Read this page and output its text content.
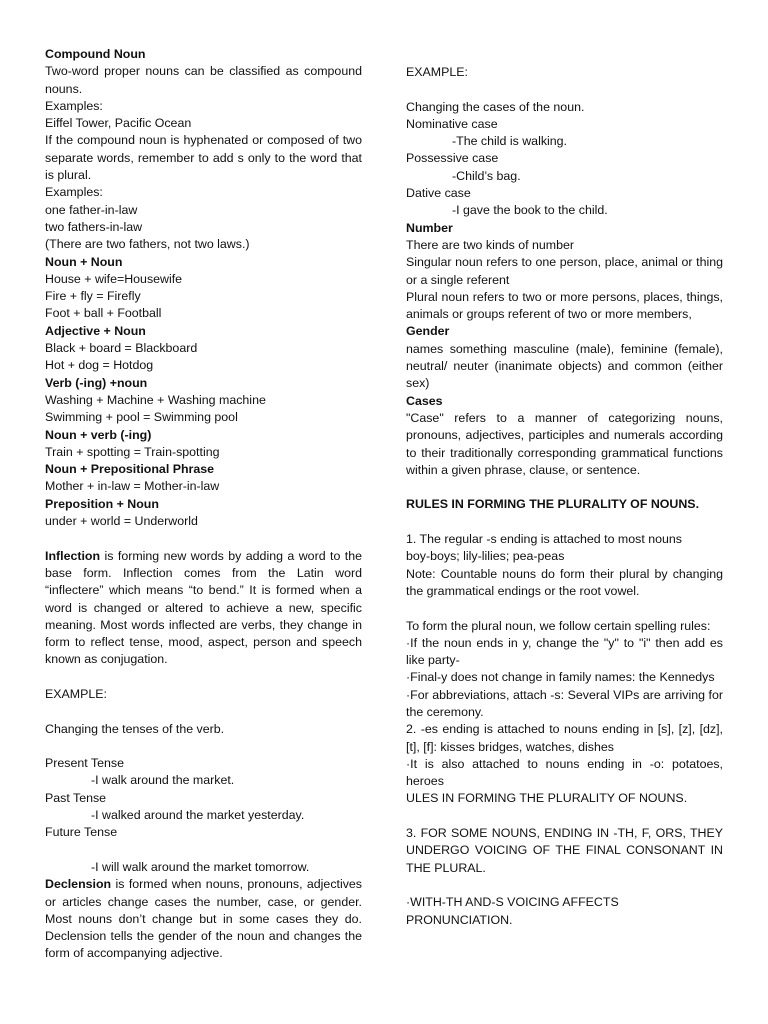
Compound Noun

Two-word proper nouns can be classified as compound nouns.

Examples:

Eiffel Tower, Pacific Ocean

If the compound noun is hyphenated or composed of two separate words, remember to add s only to the word that is plural.

Examples:

one father-in-law

two fathers-in-law

(There are two fathers, not two laws.)

Noun + Noun

House + wife=Housewife

Fire + fly = Firefly

Foot + ball + Football

Adjective + Noun

Black + board = Blackboard

Hot + dog = Hotdog

Verb (-ing) +noun

Washing + Machine + Washing machine

Swimming + pool = Swimming pool

Noun + verb (-ing)

Train + spotting = Train-spotting

Noun + Prepositional Phrase

Mother + in-law = Mother-in-law

Preposition + Noun

under + world = Underworld

Inflection is forming new words by adding a word to the base form. Inflection comes from the Latin word “inflectere” which means “to bend.” It is formed when a word is changed or altered to achieve a new, specific meaning. Most words inflected are verbs, they change in form to reflect tense, mood, aspect, person and speech known as conjugation.

EXAMPLE:

Changing the tenses of the verb.

Present Tense

-I walk around the market.

Past Tense

-I walked around the market yesterday.

Future Tense

-I will walk around the market tomorrow.

Declension is formed when nouns, pronouns, adjectives or articles change cases the number, case, or gender. Most nouns don’t change but in some cases they do. Declension tells the gender of the noun and changes the form of accompanying adjective.

EXAMPLE:

Changing the cases of the noun.

Nominative case

-The child is walking.

Possessive case

-Child’s bag.

Dative case

-I gave the book to the child.

Number

There are two kinds of number

Singular noun refers to one person, place, animal or thing or a single referent

Plural noun refers to two or more persons, places, things, animals or groups referent of two or more members,

Gender

names something masculine (male), feminine (female), neutral/ neuter (inanimate objects) and common (either sex)

Cases

"Case" refers to a manner of categorizing nouns, pronouns, adjectives, participles and numerals according to their traditionally corresponding grammatical functions within a given phrase, clause, or sentence.

RULES IN FORMING THE PLURALITY OF NOUNS.

1. The regular -s ending is attached to most nouns

boy-boys; lily-lilies; pea-peas

Note: Countable nouns do form their plural by changing the grammatical endings or the root vowel.

To form the plural noun, we follow certain spelling rules:

·If the noun ends in y, change the "y" to "i" then add es like party-

·Final-y does not change in family names: the Kennedys

·For abbreviations, attach -s: Several VIPs are arriving for the ceremony.

2. -es ending is attached to nouns ending in [s], [z], [dz], [t], [f]: kisses bridges, watches, dishes

·It is also attached to nouns ending in -o: potatoes, heroes

ULES IN FORMING THE PLURALITY OF NOUNS.

3. FOR SOME NOUNS, ENDING IN -TH, F, ORS, THEY UNDERGO VOICING OF THE FINAL CONSONANT IN THE PLURAL.

·WITH-TH AND-S VOICING AFFECTS PRONUNCIATION.
